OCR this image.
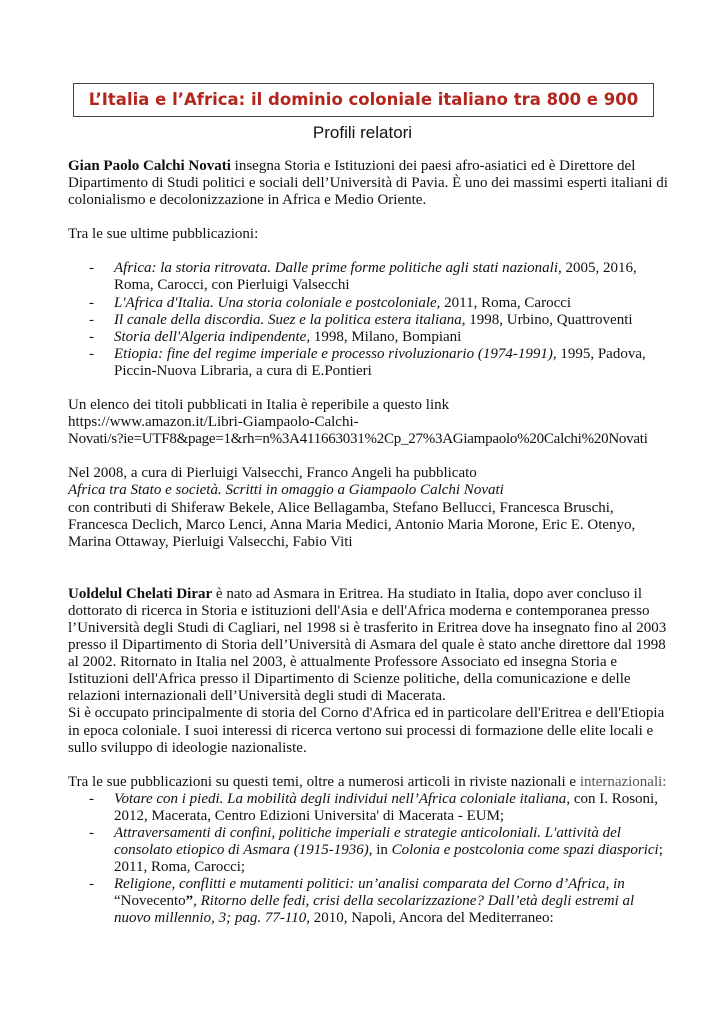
L’Italia e l’Africa: il dominio coloniale italiano tra 800 e 900
Profili relatori

Gian Paolo Calchi Novati insegna Storia e Istituzioni dei paesi afro-asiatici ed è Direttore del Dipartimento di Studi politici e sociali dell’Università di Pavia. È uno dei massimi esperti italiani di colonialismo e decolonizzazione in Africa e Medio Oriente.

Tra le sue ultime pubblicazioni:

- Africa: la storia ritrovata. Dalle prime forme politiche agli stati nazionali, 2005, 2016, Roma, Carocci, con Pierluigi Valsecchi
- L'Africa d'Italia. Una storia coloniale e postcoloniale, 2011, Roma, Carocci
- Il canale della discordia. Suez e la politica estera italiana, 1998, Urbino, Quattroventi
- Storia dell'Algeria indipendente, 1998, Milano, Bompiani
- Etiopia: fine del regime imperiale e processo rivoluzionario (1974-1991), 1995, Padova, Piccin-Nuova Libraria, a cura di E.Pontieri

Un elenco dei titoli pubblicati in Italia è reperibile a questo link

https://www.amazon.it/Libri-Giampaolo-Calchi-

Novati/s?ie=UTF8&page=1&rh=n%3A411663031%2Cp_27%3AGiampaolo%20Calchi%20Novati

Nel 2008, a cura di Pierluigi Valsecchi, Franco Angeli ha pubblicato

Africa tra Stato e società. Scritti in omaggio a Giampaolo Calchi Novati

con contributi di Shiferaw Bekele, Alice Bellagamba, Stefano Bellucci, Francesca Bruschi, Francesca Declich, Marco Lenci, Anna Maria Medici, Antonio Maria Morone, Eric E. Otenyo, Marina Ottaway, Pierluigi Valsecchi, Fabio Viti

Uoldelul Chelati Dirar è nato ad Asmara in Eritrea. Ha studiato in Italia, dopo aver concluso il dottorato di ricerca in Storia e istituzioni dell'Asia e dell'Africa moderna e contemporanea presso l’Università degli Studi di Cagliari, nel 1998 si è trasferito in Eritrea dove ha insegnato fino al 2003 presso il Dipartimento di Storia dell’Università di Asmara del quale è stato anche direttore dal 1998 al 2002. Ritornato in Italia nel 2003, è attualmente Professore Associato ed insegna Storia e Istituzioni dell'Africa presso il Dipartimento di Scienze politiche, della comunicazione e delle relazioni internazionali dell’Università degli studi di Macerata.

Si è occupato principalmente di storia del Corno d'Africa ed in particolare dell'Eritrea e dell'Etiopia in epoca coloniale. I suoi interessi di ricerca vertono sui processi di formazione delle elite locali e sullo sviluppo di ideologie nazionaliste.

Tra le sue pubblicazioni su questi temi, oltre a numerosi articoli in riviste nazionali e internazionali:

- Votare con i piedi. La mobilità degli individui nell’Africa coloniale italiana, con I. Rosoni, 2012, Macerata, Centro Edizioni Universita' di Macerata - EUM;
- Attraversamenti di confini, politiche imperiali e strategie anticoloniali. L'attività del consolato etiopico di Asmara (1915-1936), in Colonia e postcolonia come spazi diasporici; 2011, Roma, Carocci;
- Religione, conflitti e mutamenti politici: un’analisi comparata del Corno d’Africa, in “Novecento”, Ritorno delle fedi, crisi della secolarizzazione? Dall’età degli estremi al nuovo millennio, 3; pag. 77-110, 2010, Napoli, Ancora del Mediterraneo:
